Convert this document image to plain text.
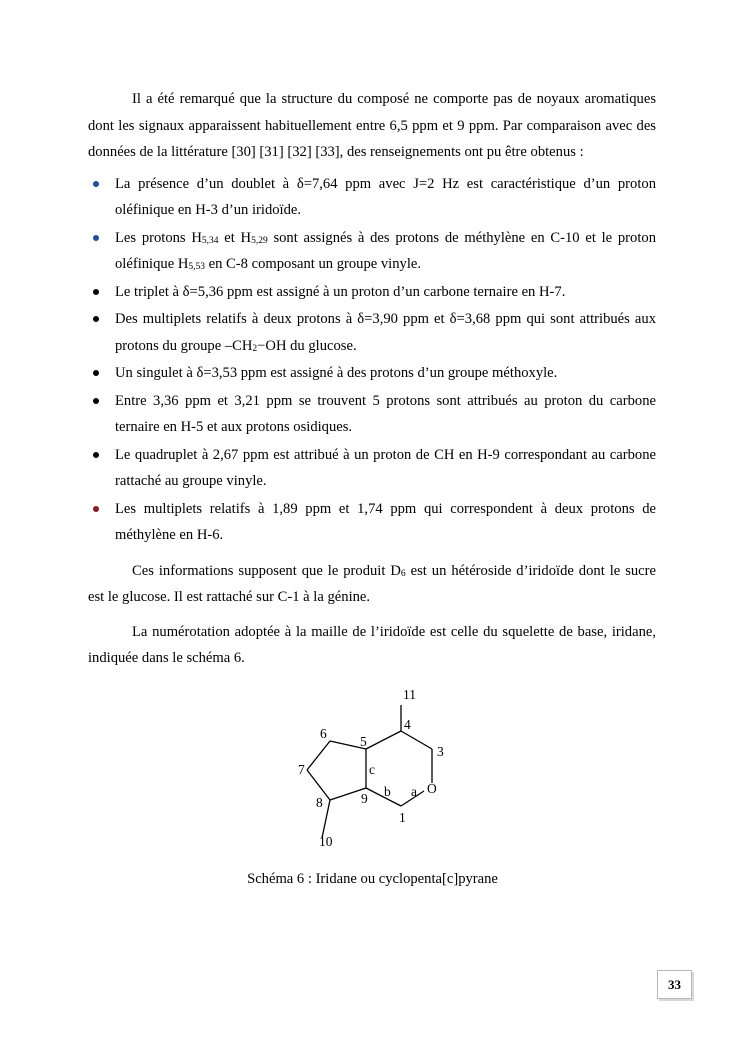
Il a été remarqué que la structure du composé ne comporte pas de noyaux aromatiques dont les signaux apparaissent habituellement entre 6,5 ppm et 9 ppm. Par comparaison avec des données de la littérature [30] [31] [32] [33], des renseignements ont pu être obtenus :

La présence d’un doublet à δ=7,64 ppm avec J=2 Hz est caractéristique d’un proton oléfinique en H-3 d’un iridoïde.
Les protons $H_{5,34}$ et $H_{5,29}$ sont assignés à des protons de méthylène en C-10 et le proton oléfinique $H_{5,53}$ en C-8 composant un groupe vinyle.
Le triplet à δ=5,36 ppm est assigné à un proton d’un carbone ternaire en H-7.
Des multiplets relatifs à deux protons à δ=3,90 ppm et δ=3,68 ppm qui sont attribués aux protons du groupe $-CH_2-OH$ du glucose.
Un singulet à δ=3,53 ppm est assigné à des protons d’un groupe méthoxyle.
Entre 3,36 ppm et 3,21 ppm se trouvent 5 protons sont attribués au proton du carbone ternaire en H-5 et aux protons osidiques.
Le quadruplet à 2,67 ppm est attribué à un proton de CH en H-9 correspondant au carbone rattaché au groupe vinyle.
Les multiplets relatifs à 1,89 ppm et 1,74 ppm qui correspondent à deux protons de méthylène en H-6.

Ces informations supposent que le produit $D_6$ est un hétéroside d’iridoïde dont le sucre est le glucose. Il est rattaché sur C-1 à la génine.

La numérotation adoptée à la maille de l’iridoïde est celle du squelette de base, iridane, indiquée dans le schéma 6.

11
4
3
6
5
7	c
8	9 b a O
1
10
Schéma 6 : Iridane ou cyclopenta[c]pyrane
33
